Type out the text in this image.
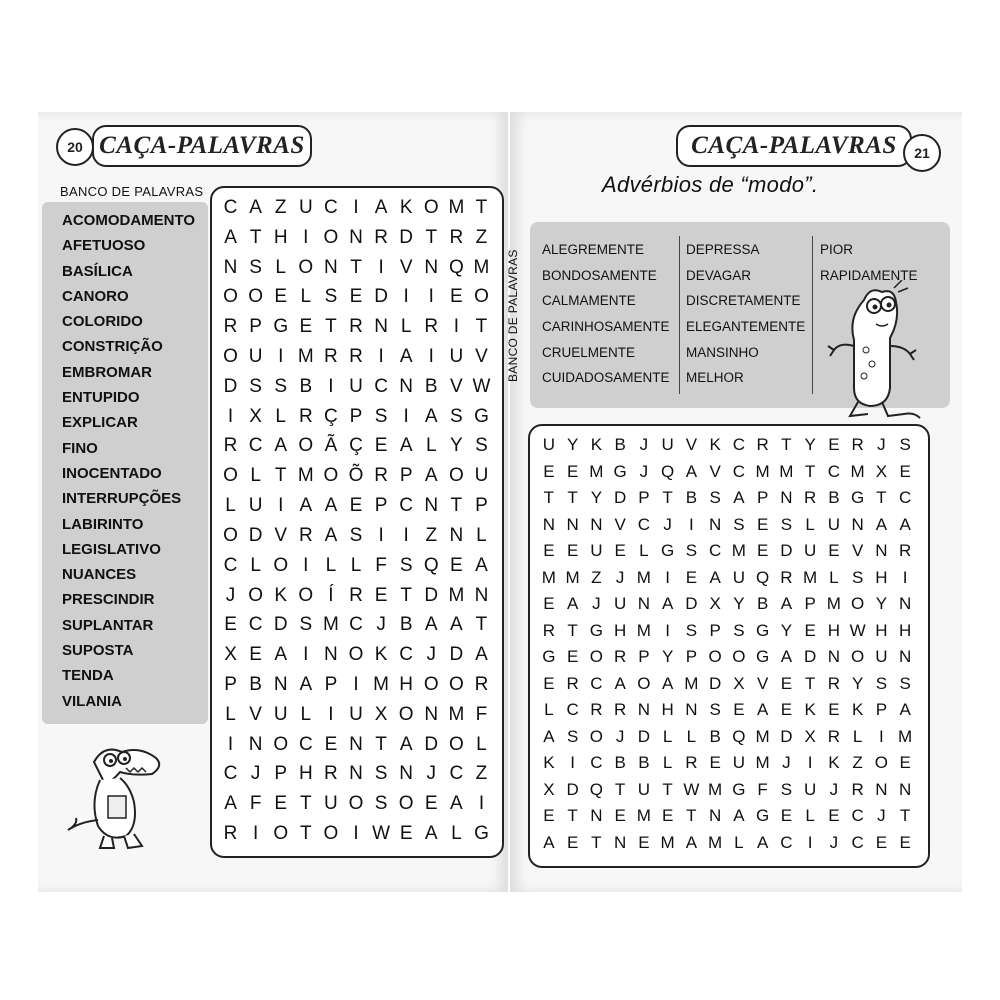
20 CAÇA-PALAVRAS
BANCO DE PALAVRAS
ACOMODAMENTO
AFETUOSO
BASÍLICA
CANORO
COLORIDO
CONSTRIÇÃO
EMBROMAR
ENTUPIDO
EXPLICAR
FINO
INOCENTADO
INTERRUPÇÕES
LABIRINTO
LEGISLATIVO
NUANCES
PRESCINDIR
SUPLANTAR
SUPOSTA
TENDA
VILANIA
C A Z U C I A K O M T
A T H I O N R D T R Z
N S L O N T I V N Q M
O O E L S E D I	I E O
R P G E T R N L R I T
O U I M R R I A I U V
D S S B I U C N B V W
I X L R Ç P S I A S G
R C A O Ã Ç E A L Y S
O L T M O Õ R P A O U
L U I A A E P C N T P
O D V R A S I	I Z N L
C L O I L L F S Q E A
J O K O Í R E T D M N
E C D S M C J B A A T
X E A I N O K C J D A
P B N A P I M H O O R
L V U L I U X O N M F
I N O C E N T A D O L
C J P H R N S N J C Z
A F E T U O S O E A I
R I O T O I W E A L G
CAÇA-PALAVRAS	21
Advérbios de “modo”.
BANCO DE PALAVRAS ALEGREMENTE
BONDOSAMENTE
CALMAMENTE
CARINHOSAMENTE
CRUELMENTE
CUIDADOSAMENTE
DEPRESSA
DEVAGAR
DISCRETAMENTE
ELEGANTEMENTE
MANSINHO
MELHOR
PIOR
RAPIDAMENTE
U Y K B J U V K C R T Y E R J S
E E M G J Q A V C M M T C M X E
T T Y D P T B S A P N R B G T C
N N N V C J	I N S E S L U N A A
E E U E L G S C M E D U E V N R
M M Z J M I E A U Q R M L S H I
E A J U N A D X Y B A P M O Y N
R T G H M I S P S G Y E H W H H
G E O R P Y P O O G A D N O U N
E R C A O A M D X V E T R Y S S
L C R R N H N S E A E K E K P A
A S O J D L L B Q M D X R L I M
K I C B B L R E U M J	I K Z O E
X D Q T U T W M G F S U J R N N
E T N E M E T N A G E L E C J T
A E T N E M A M L A C I	J C E E
